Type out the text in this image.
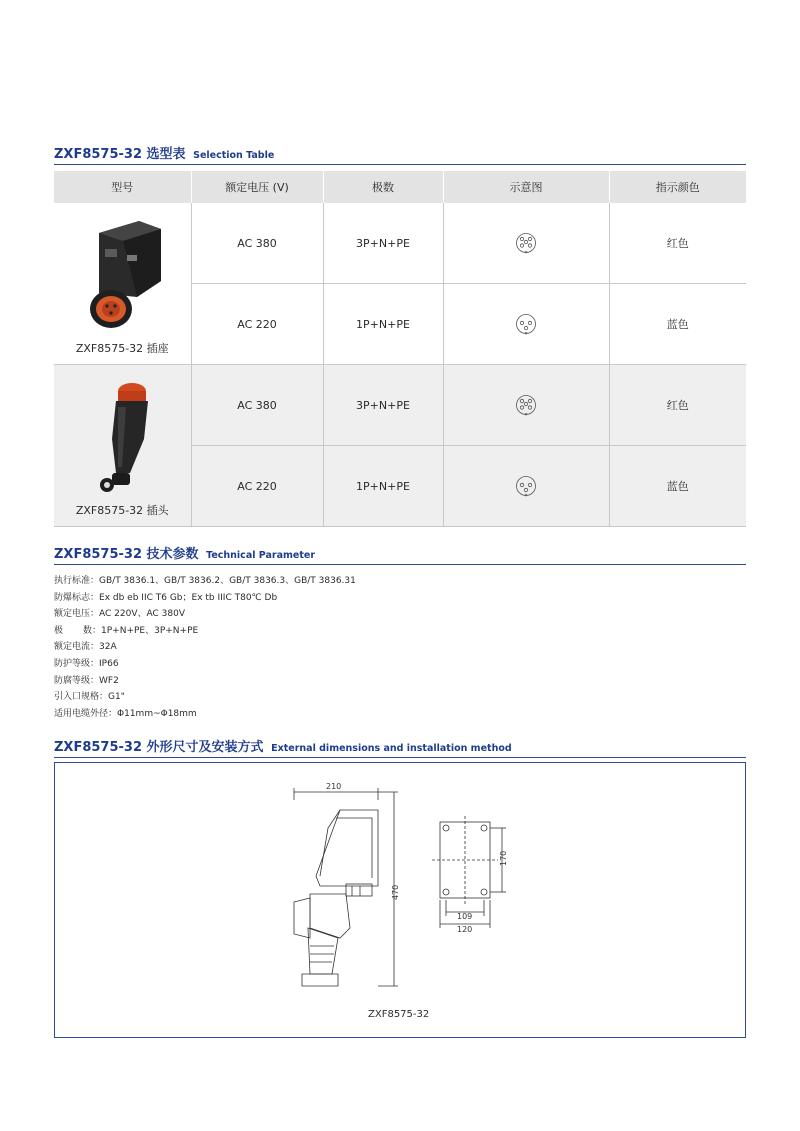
ZXF8575-32 选型表 Selection Table
型号	额定电压 (V)	极数	示意图	指示颜色

ZXF8575-32 插座	AC 380	3P+N+PE		红色
	AC 220	1P+N+PE		蓝色

ZXF8575-32 插头	AC 380	3P+N+PE		红色
	AC 220	1P+N+PE		蓝色
ZXF8575-32 技术参数 Technical Parameter
执行标准：GB/T 3836.1、GB/T 3836.2、GB/T 3836.3、GB/T 3836.31
防爆标志：Ex db eb IIC T6 Gb；Ex tb IIIC T80℃ Db
额定电压：AC 220V、AC 380V
极       数：1P+N+PE、3P+N+PE
额定电流：32A
防护等级：IP66
防腐等级：WF2
引入口规格：G1"
适用电缆外径：Φ11mm~Φ18mm
ZXF8575-32 外形尺寸及安装方式 External dimensions and installation method
210
470
170
109
120
ZXF8575-32
